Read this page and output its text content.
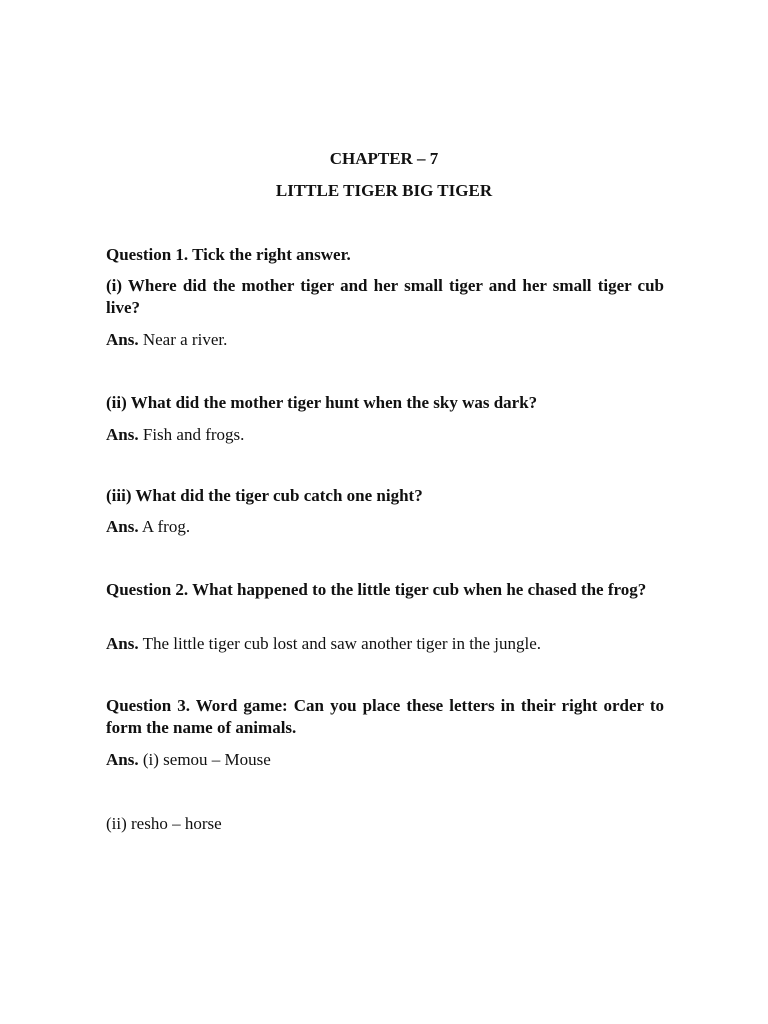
CHAPTER – 7
LITTLE TIGER BIG TIGER
Question 1. Tick the right answer.
(i) Where did the mother tiger and her small tiger and her small tiger cub live?
Ans. Near a river.
(ii) What did the mother tiger hunt when the sky was dark?
Ans. Fish and frogs.
(iii) What did the tiger cub catch one night?
Ans. A frog.
Question 2. What happened to the little tiger cub when he chased the frog?
Ans. The little tiger cub lost and saw another tiger in the jungle.
Question 3. Word game: Can you place these letters in their right order to form the name of animals.
Ans. (i) semou – Mouse
(ii) resho – horse
